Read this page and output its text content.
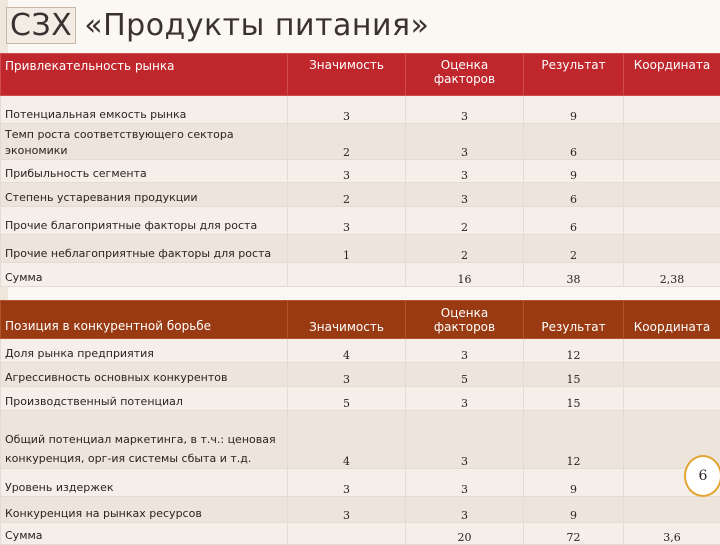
СЗХ «Продукты питания»
Привлекательность рынка	Значимость	Оценка факторов	Результат	Координата
Потенциальная емкость рынка	3	3	9	
Темп роста соответствующего сектора экономики	2	3	6	
Прибыльность сегмента	3	3	9	
Степень устаревания продукции	2	3	6	
Прочие благоприятные факторы для роста	3	2	6	
Прочие неблагоприятные факторы для роста	1	2	2	
Сумма		16	38	2,38
Позиция в конкурентной борьбе	Значимость	Оценка факторов	Результат	Координата
Доля рынка предприятия	4	3	12	
Агрессивность основных конкурентов	3	5	15	
Производственный потенциал	5	3	15	
Общий потенциал маркетинга, в т.ч.: ценовая конкуренция, орг-ия системы сбыта и т.д.	4	3	12	
Уровень издержек	3	3	9	
Конкуренция на рынках ресурсов	3	3	9	
Сумма		20	72	3,6
6
